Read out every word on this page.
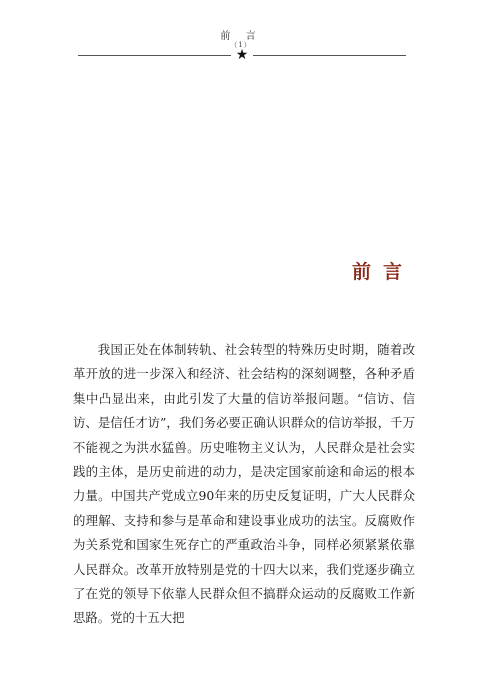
前 言
（1）
★
前言

我国正处在体制转轨、社会转型的特殊历史时期，随着改革开放的进一步深入和经济、社会结构的深刻调整，各种矛盾集中凸显出来，由此引发了大量的信访举报问题。“信访、信访、是信任才访”，我们务必要正确认识群众的信访举报，千万不能视之为洪水猛兽。历史唯物主义认为，人民群众是社会实践的主体，是历史前进的动力，是决定国家前途和命运的根本力量。中国共产党成立90年来的历史反复证明，广大人民群众的理解、支持和参与是革命和建设事业成功的法宝。反腐败作为关系党和国家生死存亡的严重政治斗争，同样必须紧紧依靠人民群众。改革开放特别是党的十四大以来，我们党逐步确立了在党的领导下依靠人民群众但不搞群众运动的反腐败工作新思路。党的十五大把
